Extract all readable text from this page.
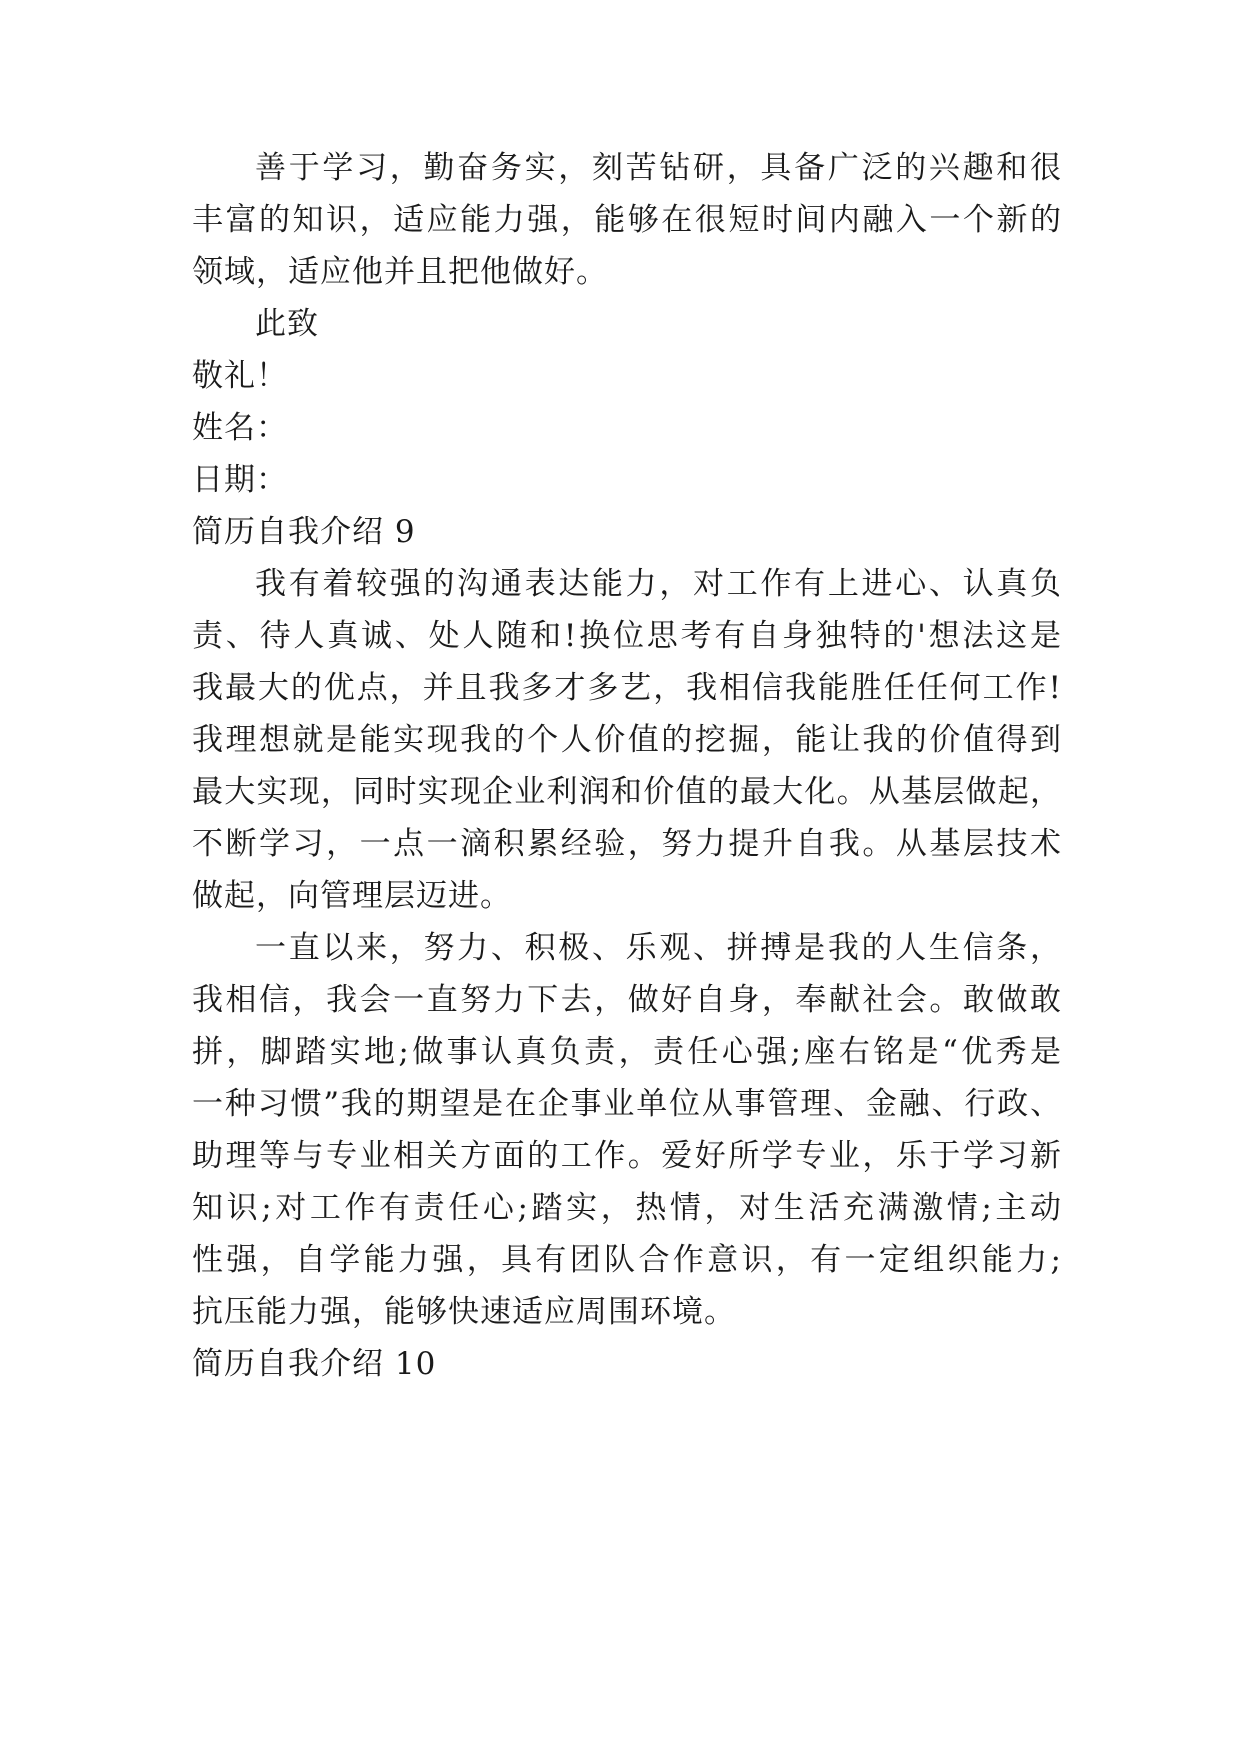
善于学习，勤奋务实，刻苦钻研，具备广泛的兴趣和很
丰富的知识，适应能力强，能够在很短时间内融入一个新的
领域，适应他并且把他做好。
此致
敬礼！
姓名：
日期：
简历自我介绍 9
我有着较强的沟通表达能力，对工作有上进心、认真负
责、待人真诚、处人随和!换位思考有自身独特的'想法这是
我最大的优点，并且我多才多艺，我相信我能胜任任何工作!
我理想就是能实现我的个人价值的挖掘，能让我的价值得到
最大实现，同时实现企业利润和价值的最大化。从基层做起，
不断学习，一点一滴积累经验，努力提升自我。从基层技术
做起，向管理层迈进。
一直以来，努力、积极、乐观、拼搏是我的人生信条，
我相信，我会一直努力下去，做好自身，奉献社会。敢做敢
拼，脚踏实地;做事认真负责，责任心强;座右铭是“优秀是
一种习惯”我的期望是在企事业单位从事管理、金融、行政、
助理等与专业相关方面的工作。爱好所学专业，乐于学习新
知识;对工作有责任心;踏实，热情，对生活充满激情;主动
性强，自学能力强，具有团队合作意识，有一定组织能力;
抗压能力强，能够快速适应周围环境。
简历自我介绍 10
